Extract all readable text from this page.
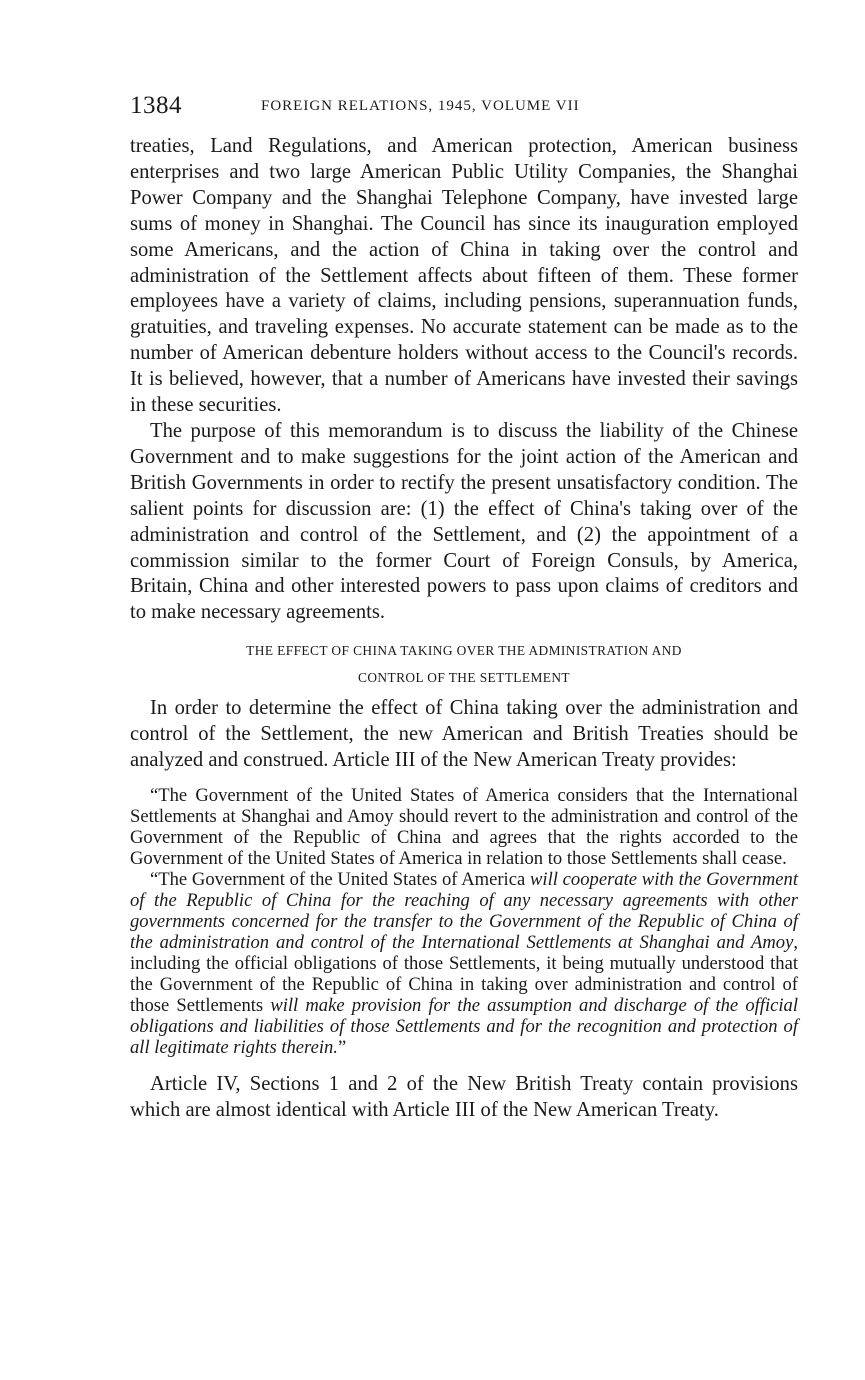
1384	FOREIGN RELATIONS, 1945, VOLUME VII

treaties, Land Regulations, and American protection, American business enterprises and two large American Public Utility Companies, the Shanghai Power Company and the Shanghai Telephone Company, have invested large sums of money in Shanghai. The Council has since its inauguration employed some Americans, and the action of China in taking over the control and administration of the Settlement affects about fifteen of them. These former employees have a variety of claims, including pensions, superannuation funds, gratuities, and traveling expenses. No accurate statement can be made as to the number of American debenture holders without access to the Council's records. It is believed, however, that a number of Americans have invested their savings in these securities.

The purpose of this memorandum is to discuss the liability of the Chinese Government and to make suggestions for the joint action of the American and British Governments in order to rectify the present unsatisfactory condition. The salient points for discussion are: (1) the effect of China's taking over of the administration and control of the Settlement, and (2) the appointment of a commission similar to the former Court of Foreign Consuls, by America, Britain, China and other interested powers to pass upon claims of creditors and to make necessary agreements.

THE EFFECT OF CHINA TAKING OVER THE ADMINISTRATION AND
CONTROL OF THE SETTLEMENT

In order to determine the effect of China taking over the administration and control of the Settlement, the new American and British Treaties should be analyzed and construed. Article III of the New American Treaty provides:

“The Government of the United States of America considers that the International Settlements at Shanghai and Amoy should revert to the administration and control of the Government of the Republic of China and agrees that the rights accorded to the Government of the United States of America in relation to those Settlements shall cease.

“The Government of the United States of America will cooperate with the Government of the Republic of China for the reaching of any necessary agreements with other governments concerned for the transfer to the Government of the Republic of China of the administration and control of the International Settlements at Shanghai and Amoy, including the official obligations of those Settlements, it being mutually understood that the Government of the Republic of China in taking over administration and control of those Settlements will make provision for the assumption and discharge of the official obligations and liabilities of those Settlements and for the recognition and protection of all legitimate rights therein.”

Article IV, Sections 1 and 2 of the New British Treaty contain provisions which are almost identical with Article III of the New American Treaty.
